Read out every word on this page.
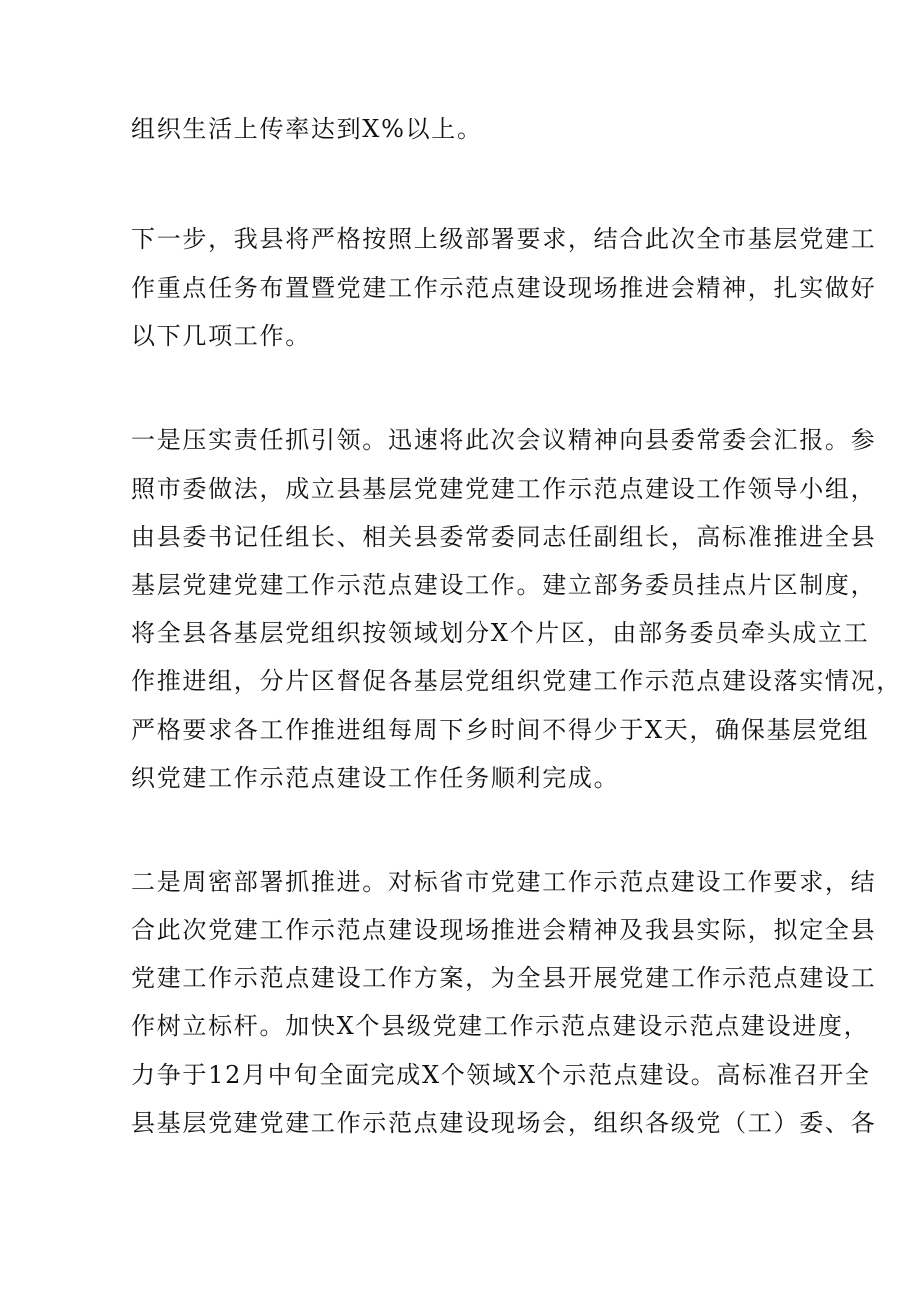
组织生活上传率达到X%以上。

下一步，我县将严格按照上级部署要求，结合此次全市基层党建工

作重点任务布置暨党建工作示范点建设现场推进会精神，扎实做好

以下几项工作。

一是压实责任抓引领。迅速将此次会议精神向县委常委会汇报。参

照市委做法，成立县基层党建党建工作示范点建设工作领导小组，

由县委书记任组长、相关县委常委同志任副组长，高标准推进全县

基层党建党建工作示范点建设工作。建立部务委员挂点片区制度，

将全县各基层党组织按领域划分X个片区，由部务委员牵头成立工

作推进组，分片区督促各基层党组织党建工作示范点建设落实情况，

严格要求各工作推进组每周下乡时间不得少于X天，确保基层党组

织党建工作示范点建设工作任务顺利完成。

二是周密部署抓推进。对标省市党建工作示范点建设工作要求，结

合此次党建工作示范点建设现场推进会精神及我县实际，拟定全县

党建工作示范点建设工作方案，为全县开展党建工作示范点建设工

作树立标杆。加快X个县级党建工作示范点建设示范点建设进度，

力争于12月中旬全面完成X个领域X个示范点建设。高标准召开全

县基层党建党建工作示范点建设现场会，组织各级党（工）委、各
